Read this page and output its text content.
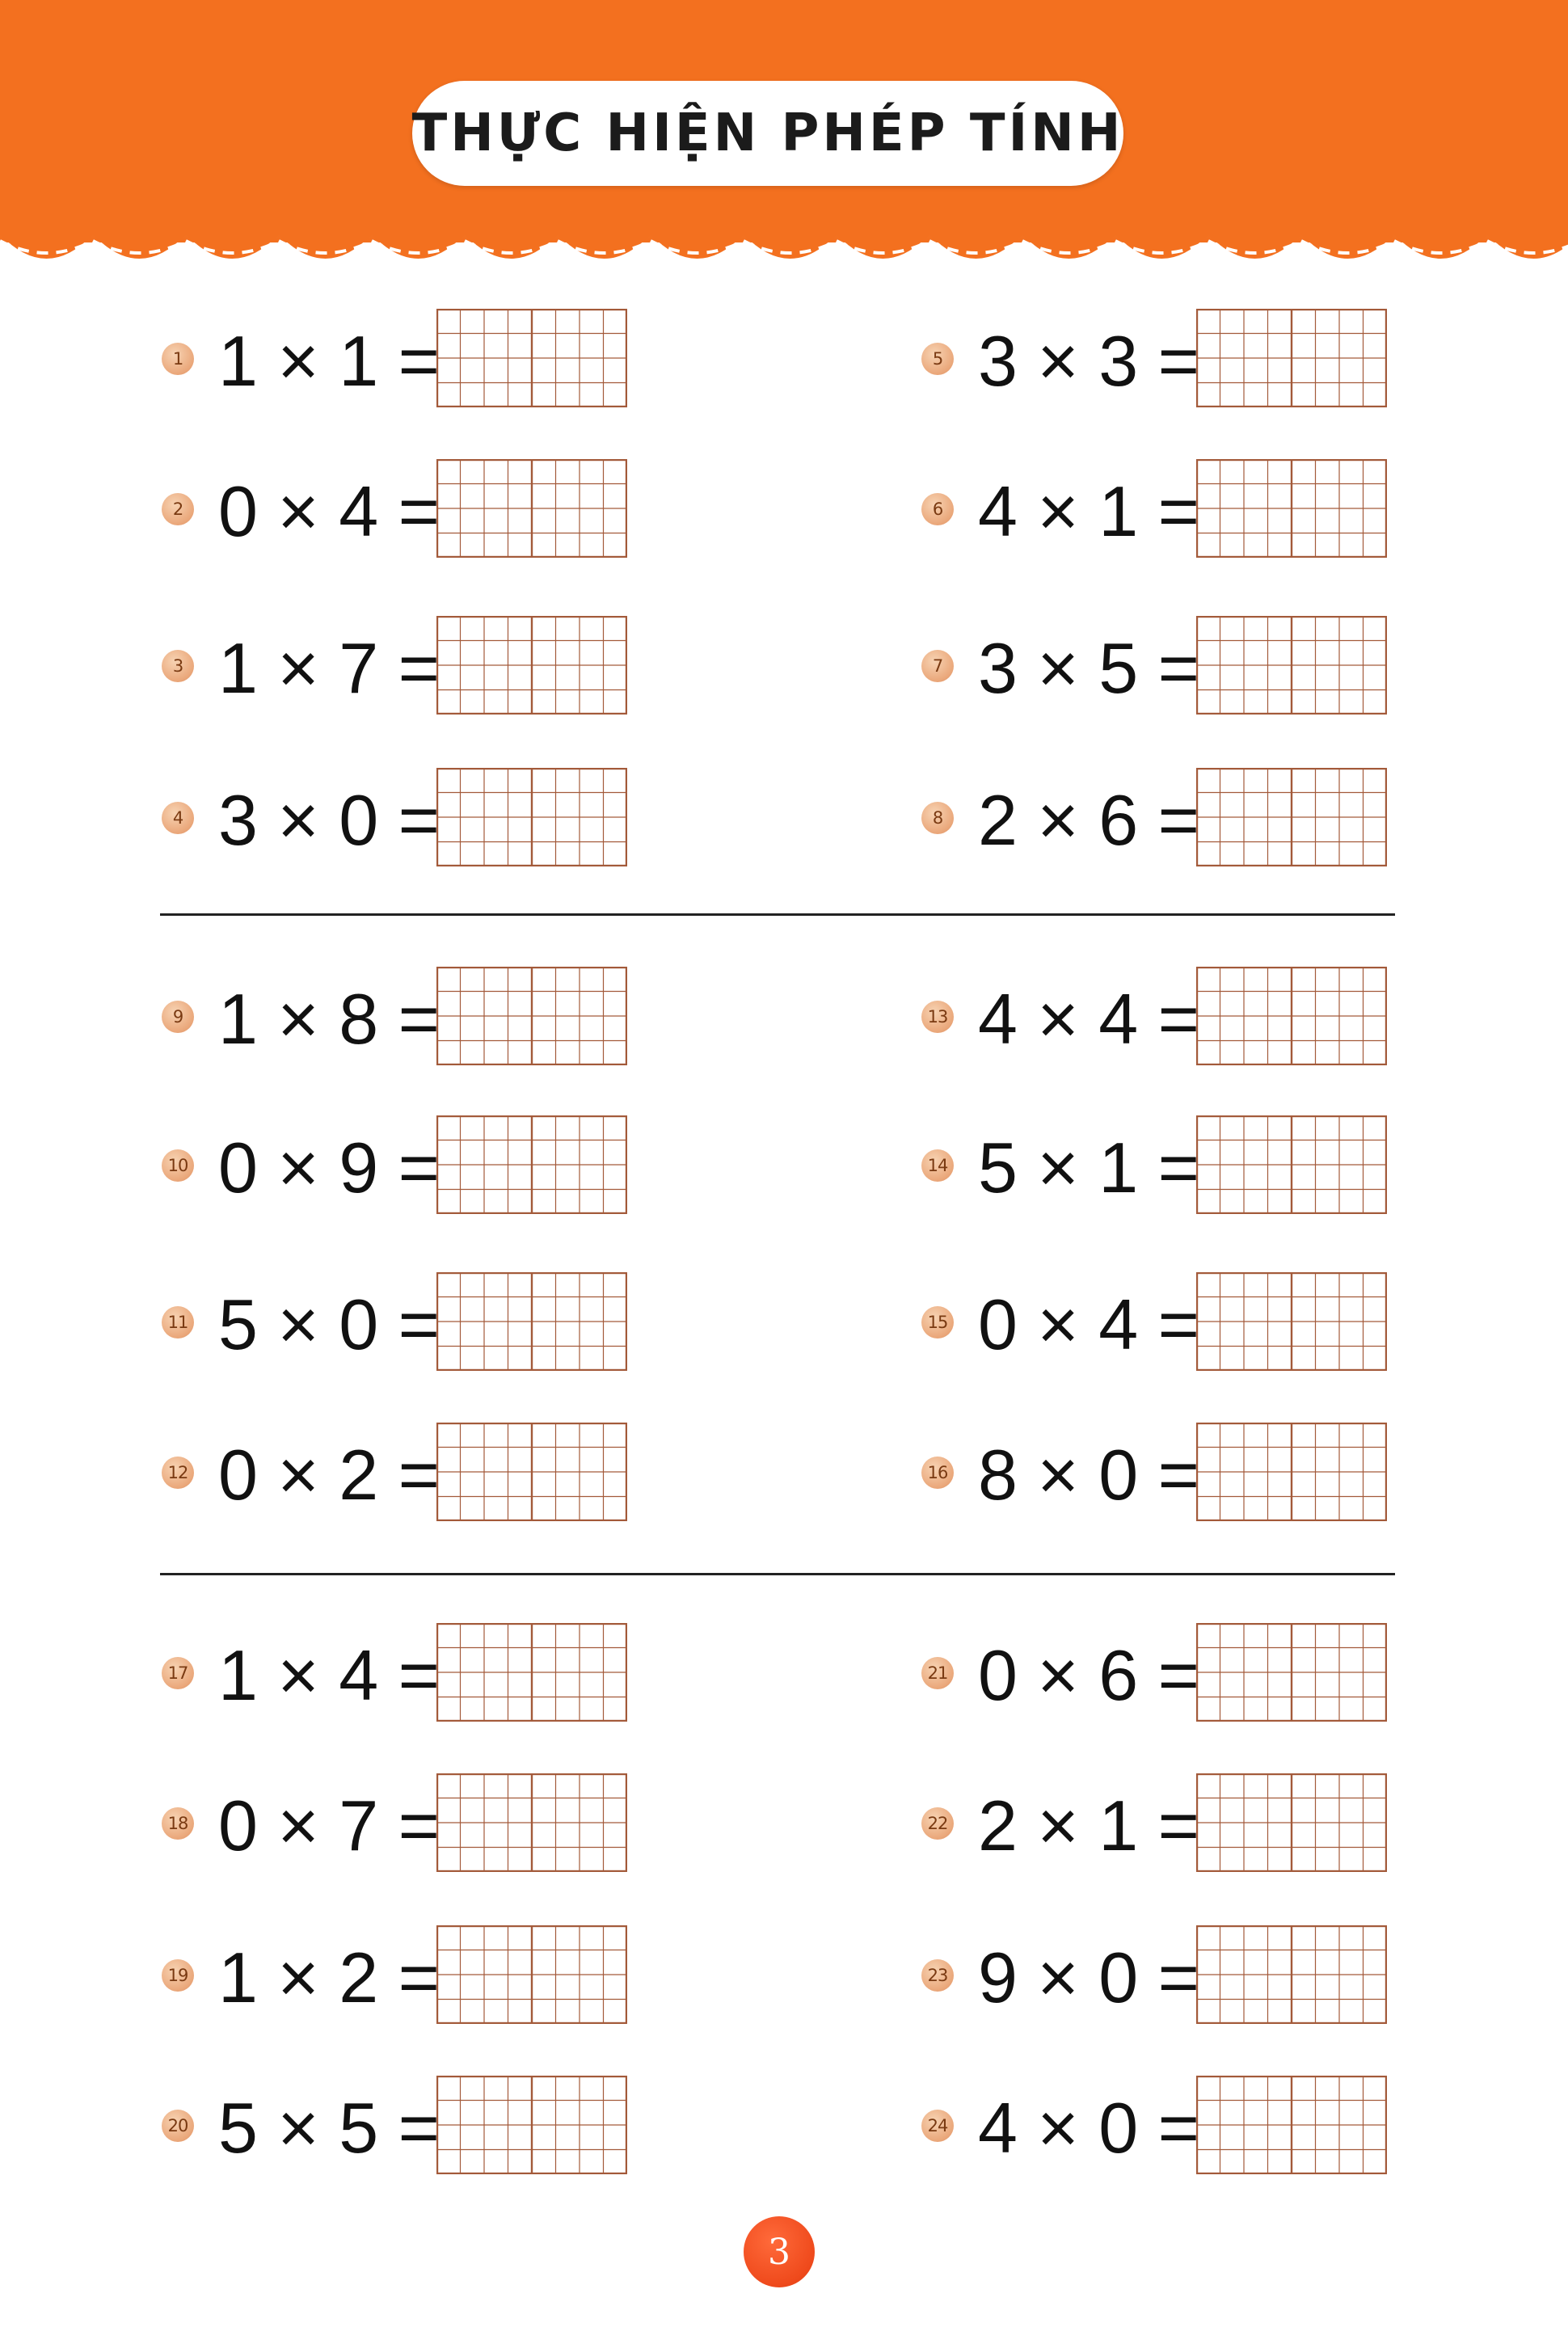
THỰC HIỆN PHÉP TÍNH
1 1 × 1 =
2 0 × 4 =
3 1 × 7 =
4 3 × 0 =
5 3 × 3 =
6 4 × 1 =
7 3 × 5 =
8 2 × 6 =
9 1 × 8 =
10 0 × 9 =
11 5 × 0 =
12 0 × 2 =
13 4 × 4 =
14 5 × 1 =
15 0 × 4 =
16 8 × 0 =
17 1 × 4 =
18 0 × 7 =
19 1 × 2 =
20 5 × 5 =
21 0 × 6 =
22 2 × 1 =
23 9 × 0 =
24 4 × 0 =
3
